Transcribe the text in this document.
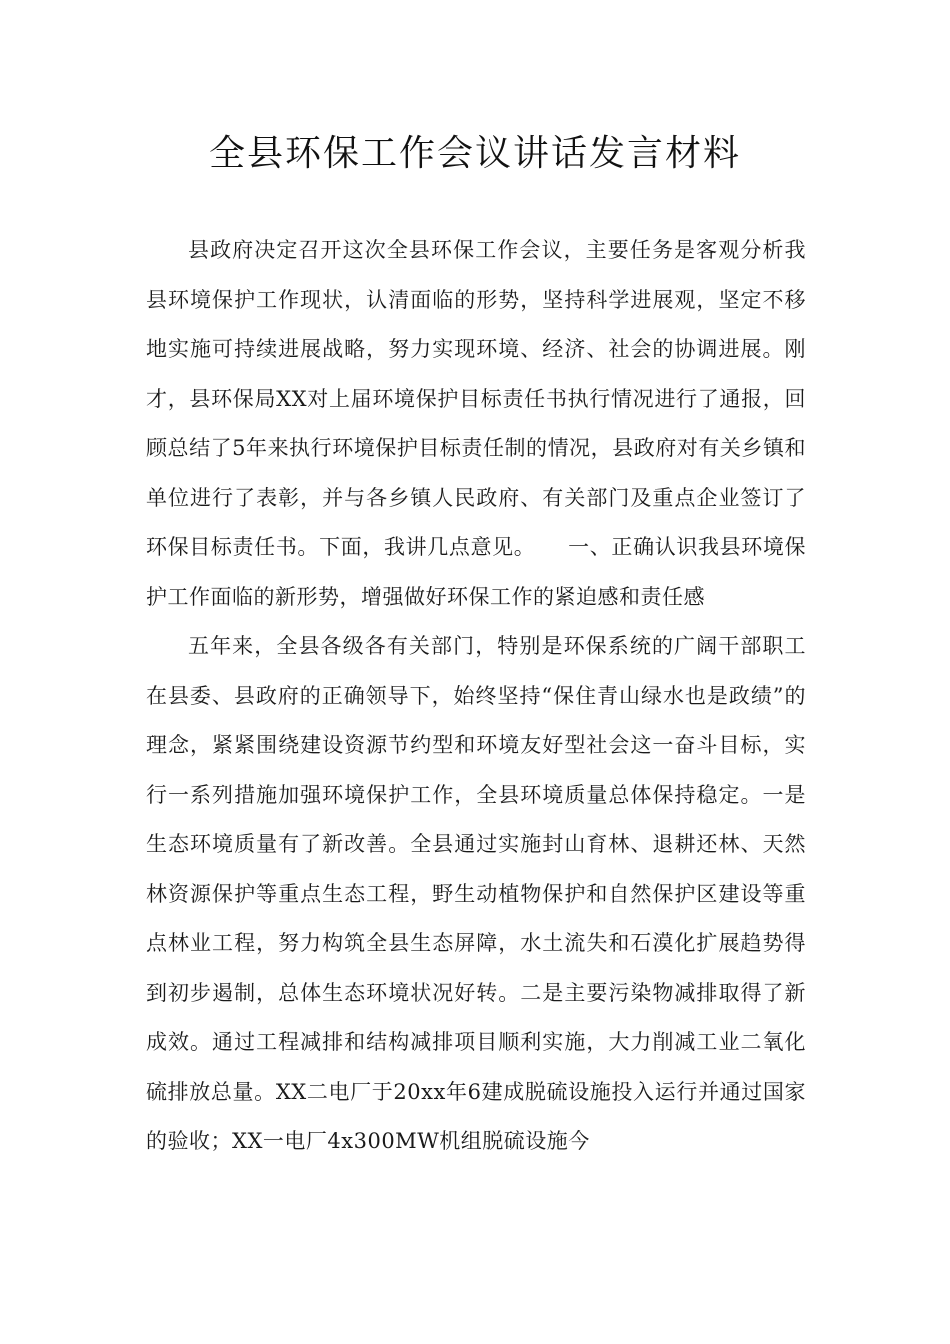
全县环保工作会议讲话发言材料

县政府决定召开这次全县环保工作会议，主要任务是客观分析我县环境保护工作现状，认清面临的形势，坚持科学进展观，坚定不移地实施可持续进展战略，努力实现环境、经济、社会的协调进展。刚才，县环保局XX对上届环境保护目标责任书执行情况进行了通报，回顾总结了5年来执行环境保护目标责任制的情况，县政府对有关乡镇和单位进行了表彰，并与各乡镇人民政府、有关部门及重点企业签订了环保目标责任书。下面，我讲几点意见。　　一、正确认识我县环境保护工作面临的新形势，增强做好环保工作的紧迫感和责任感

五年来，全县各级各有关部门，特别是环保系统的广阔干部职工在县委、县政府的正确领导下，始终坚持“保住青山绿水也是政绩”的理念，紧紧围绕建设资源节约型和环境友好型社会这一奋斗目标，实行一系列措施加强环境保护工作，全县环境质量总体保持稳定。一是生态环境质量有了新改善。全县通过实施封山育林、退耕还林、天然林资源保护等重点生态工程，野生动植物保护和自然保护区建设等重点林业工程，努力构筑全县生态屏障，水土流失和石漠化扩展趋势得到初步遏制，总体生态环境状况好转。二是主要污染物减排取得了新成效。通过工程减排和结构减排项目顺利实施，大力削减工业二氧化硫排放总量。XX二电厂于20xx年6建成脱硫设施投入运行并通过国家的验收；XX一电厂4x300MW机组脱硫设施今
